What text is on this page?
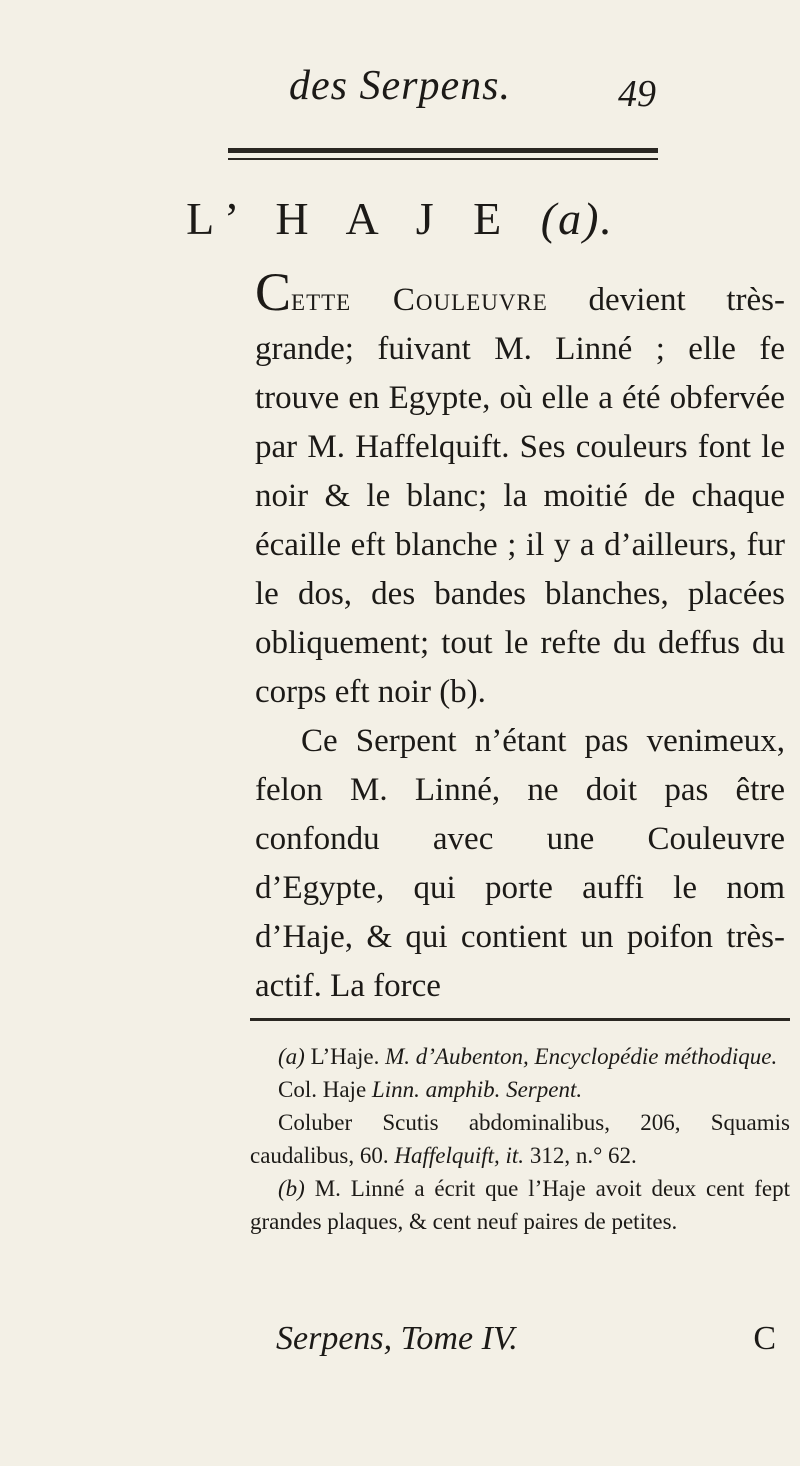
des Serpens.	49
L’ H A J E (a).

Cette Couleuvre devient très-grande; fuivant M. Linné ; elle fe trouve en Egypte, où elle a été obfervée par M. Haffelquift. Ses couleurs font le noir & le blanc; la moitié de chaque écaille eft blanche ; il y a d’ailleurs, fur le dos, des bandes blanches, placées obliquement; tout le refte du deffus du corps eft noir (b).

Ce Serpent n’étant pas venimeux, felon M. Linné, ne doit pas être confondu avec une Couleuvre d’Egypte, qui porte auffi le nom d’Haje, & qui contient un poifon très-actif. La force

(a) L’Haje. M. d’Aubenton, Encyclopédie méthodique.

Col. Haje Linn. amphib. Serpent.

Coluber Scutis abdominalibus, 206, Squamis caudalibus, 60. Haffelquift, it. 312, n.° 62.

(b) M. Linné a écrit que l’Haje avoit deux cent fept grandes plaques, & cent neuf paires de petites.

Serpens, Tome IV.	C
